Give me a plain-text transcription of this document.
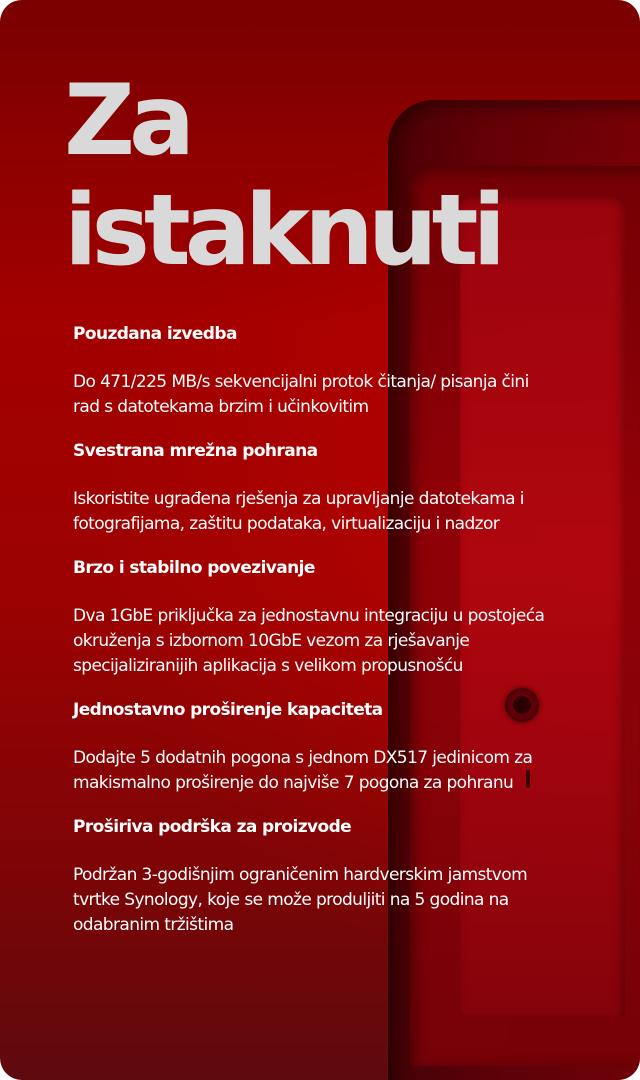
Za
istaknuti

Pouzdana izvedba

Do 471/225 MB/s sekvencijalni protok čitanja/ pisanja čini rad s datotekama brzim i učinkovitim

Svestrana mrežna pohrana

Iskoristite ugrađena rješenja za upravljanje datotekama i fotografijama, zaštitu podataka, virtualizaciju i nadzor

Brzo i stabilno povezivanje

Dva 1GbE priključka za jednostavnu integraciju u postojeća okruženja s izbornom 10GbE vezom za rješavanje specijaliziranijih aplikacija s velikom propusnošću

Jednostavno proširenje kapaciteta

Dodajte 5 dodatnih pogona s jednom DX517 jedinicom za makismalno proširenje do najviše 7 pogona za pohranu

Proširiva podrška za proizvode

Podržan 3-godišnjim ograničenim hardverskim jamstvom tvrtke Synology, koje se može produljiti na 5 godina na odabranim tržištima
